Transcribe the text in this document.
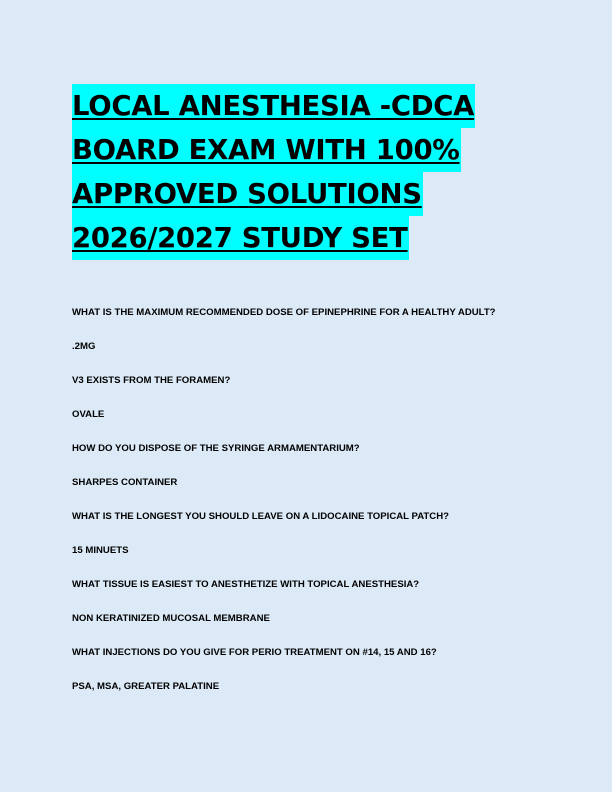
LOCAL ANESTHESIA -CDCA
BOARD EXAM WITH 100%
APPROVED SOLUTIONS
2026/2027 STUDY SET
WHAT IS THE MAXIMUM RECOMMENDED DOSE OF EPINEPHRINE FOR A HEALTHY ADULT?
.2MG
V3 EXISTS FROM THE FORAMEN?
OVALE
HOW DO YOU DISPOSE OF THE SYRINGE ARMAMENTARIUM?
SHARPES CONTAINER
WHAT IS THE LONGEST YOU SHOULD LEAVE ON A LIDOCAINE TOPICAL PATCH?
15 MINUETS
WHAT TISSUE IS EASIEST TO ANESTHETIZE WITH TOPICAL ANESTHESIA?
NON KERATINIZED MUCOSAL MEMBRANE
WHAT INJECTIONS DO YOU GIVE FOR PERIO TREATMENT ON #14, 15 AND 16?
PSA, MSA, GREATER PALATINE
